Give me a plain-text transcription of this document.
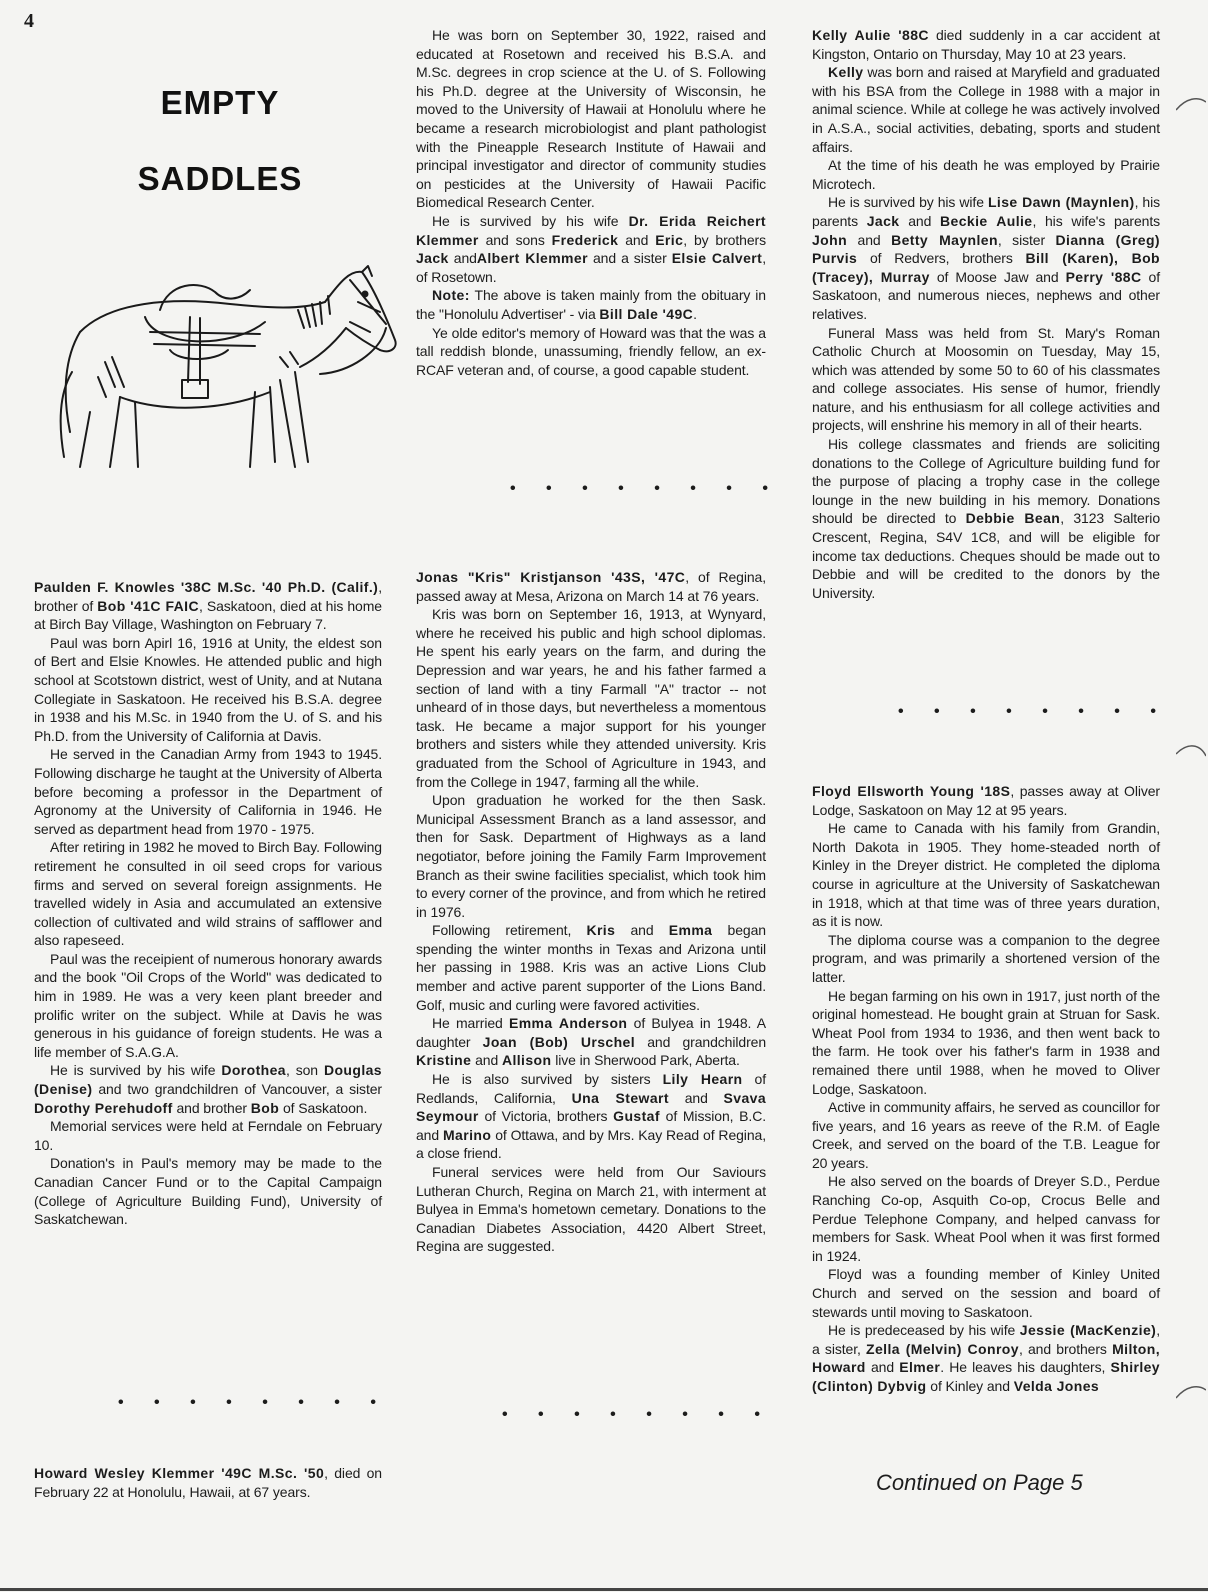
4
EMPTY
SADDLES

Paulden F. Knowles '38C M.Sc. '40 Ph.D. (Calif.), brother of Bob '41C FAIC, Saskatoon, died at his home at Birch Bay Village, Washington on February 7.

Paul was born Apirl 16, 1916 at Unity, the eldest son of Bert and Elsie Knowles. He attended public and high school at Scotstown district, west of Unity, and at Nutana Collegiate in Saskatoon. He received his B.S.A. degree in 1938 and his M.Sc. in 1940 from the U. of S. and his Ph.D. from the University of California at Davis.

He served in the Canadian Army from 1943 to 1945. Following discharge he taught at the University of Alberta before becoming a professor in the Department of Agronomy at the University of California in 1946. He served as department head from 1970 - 1975.

After retiring in 1982 he moved to Birch Bay. Following retirement he consulted in oil seed crops for various firms and served on several foreign assignments. He travelled widely in Asia and accumulated an extensive collection of cultivated and wild strains of safflower and also rapeseed.

Paul was the receipient of numerous honorary awards and the book "Oil Crops of the World" was dedicated to him in 1989. He was a very keen plant breeder and prolific writer on the subject. While at Davis he was generous in his guidance of foreign students. He was a life member of S.A.G.A.

He is survived by his wife Dorothea, son Douglas (Denise) and two grandchildren of Vancouver, a sister Dorothy Perehudoff and brother Bob of Saskatoon.

Memorial services were held at Ferndale on February 10.

Donation's in Paul's memory may be made to the Canadian Cancer Fund or to the Capital Campaign (College of Agriculture Building Fund), University of Saskatchewan.

• • • • • • • •

Howard Wesley Klemmer '49C M.Sc. '50, died on February 22 at Honolulu, Hawaii, at 67 years.

He was born on September 30, 1922, raised and educated at Rosetown and received his B.S.A. and M.Sc. degrees in crop science at the U. of S. Following his Ph.D. degree at the University of Wisconsin, he moved to the University of Hawaii at Honolulu where he became a research microbiologist and plant pathologist with the Pineapple Research Institute of Hawaii and principal investigator and director of community studies on pesticides at the University of Hawaii Pacific Biomedical Research Center.

He is survived by his wife Dr. Erida Reichert Klemmer and sons Frederick and Eric, by brothers Jack andAlbert Klemmer and a sister Elsie Calvert, of Rosetown.

Note: The above is taken mainly from the obituary in the "Honolulu Advertiser' - via Bill Dale '49C.

Ye olde editor's memory of Howard was that the was a tall reddish blonde, unassuming, friendly fellow, an ex-RCAF veteran and, of course, a good capable student.

• • • • • • • •

Jonas "Kris" Kristjanson '43S, '47C, of Regina, passed away at Mesa, Arizona on March 14 at 76 years.

Kris was born on September 16, 1913, at Wynyard, where he received his public and high school diplomas. He spent his early years on the farm, and during the Depression and war years, he and his father farmed a section of land with a tiny Farmall "A" tractor -- not unheard of in those days, but nevertheless a momentous task. He became a major support for his younger brothers and sisters while they attended university. Kris graduated from the School of Agriculture in 1943, and from the College in 1947, farming all the while.

Upon graduation he worked for the then Sask. Municipal Assessment Branch as a land assessor, and then for Sask. Department of Highways as a land negotiator, before joining the Family Farm Improvement Branch as their swine facilities specialist, which took him to every corner of the province, and from which he retired in 1976.

Following retirement, Kris and Emma began spending the winter months in Texas and Arizona until her passing in 1988. Kris was an active Lions Club member and active parent supporter of the Lions Band. Golf, music and curling were favored activities.

He married Emma Anderson of Bulyea in 1948. A daughter Joan (Bob) Urschel and grandchildren Kristine and Allison live in Sherwood Park, Aberta.

He is also survived by sisters Lily Hearn of Redlands, California, Una Stewart and Svava Seymour of Victoria, brothers Gustaf of Mission, B.C. and Marino of Ottawa, and by Mrs. Kay Read of Regina, a close friend.

Funeral services were held from Our Saviours Lutheran Church, Regina on March 21, with interment at Bulyea in Emma's hometown cemetary. Donations to the Canadian Diabetes Association, 4420 Albert Street, Regina are suggested.

• • • • • • • •

Kelly Aulie '88C died suddenly in a car accident at Kingston, Ontario on Thursday, May 10 at 23 years.

Kelly was born and raised at Maryfield and graduated with his BSA from the College in 1988 with a major in animal science. While at college he was actively involved in A.S.A., social activities, debating, sports and student affairs.

At the time of his death he was employed by Prairie Microtech.

He is survived by his wife Lise Dawn (Maynlen), his parents Jack and Beckie Aulie, his wife's parents John and Betty Maynlen, sister Dianna (Greg) Purvis of Redvers, brothers Bill (Karen), Bob (Tracey), Murray of Moose Jaw and Perry '88C of Saskatoon, and numerous nieces, nephews and other relatives.

Funeral Mass was held from St. Mary's Roman Catholic Church at Moosomin on Tuesday, May 15, which was attended by some 50 to 60 of his classmates and college associates. His sense of humor, friendly nature, and his enthusiasm for all college activities and projects, will enshrine his memory in all of their hearts.

His college classmates and friends are soliciting donations to the College of Agriculture building fund for the purpose of placing a trophy case in the college lounge in the new building in his memory. Donations should be directed to Debbie Bean, 3123 Salterio Crescent, Regina, S4V 1C8, and will be eligible for income tax deductions. Cheques should be made out to Debbie and will be credited to the donors by the University.

• • • • • • • •

Floyd Ellsworth Young '18S, passes away at Oliver Lodge, Saskatoon on May 12 at 95 years.

He came to Canada with his family from Grandin, North Dakota in 1905. They home-steaded north of Kinley in the Dreyer district. He completed the diploma course in agriculture at the University of Saskatchewan in 1918, which at that time was of three years duration, as it is now.

The diploma course was a companion to the degree program, and was primarily a shortened version of the latter.

He began farming on his own in 1917, just north of the original homestead. He bought grain at Struan for Sask. Wheat Pool from 1934 to 1936, and then went back to the farm. He took over his father's farm in 1938 and remained there until 1988, when he moved to Oliver Lodge, Saskatoon.

Active in community affairs, he served as councillor for five years, and 16 years as reeve of the R.M. of Eagle Creek, and served on the board of the T.B. League for 20 years.

He also served on the boards of Dreyer S.D., Perdue Ranching Co-op, Asquith Co-op, Crocus Belle and Perdue Telephone Company, and helped canvass for members for Sask. Wheat Pool when it was first formed in 1924.

Floyd was a founding member of Kinley United Church and served on the session and board of stewards until moving to Saskatoon.

He is predeceased by his wife Jessie (MacKenzie), a sister, Zella (Melvin) Conroy, and brothers Milton, Howard and Elmer. He leaves his daughters, Shirley (Clinton) Dybvig of Kinley and Velda Jones

Continued on Page 5
